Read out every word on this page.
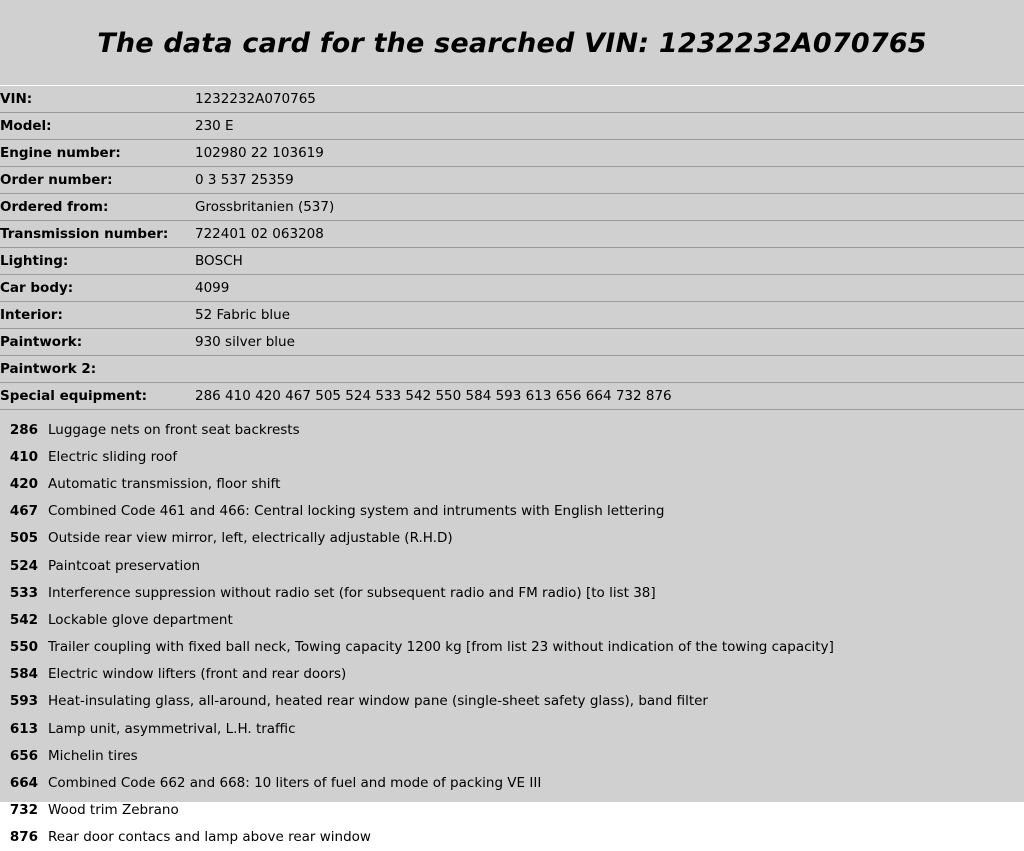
The data card for the searched VIN: 1232232A070765
VIN:	1232232A070765
Model:	230 E
Engine number:	102980 22 103619
Order number:	0 3 537 25359
Ordered from:	Grossbritanien (537)
Transmission number:	722401 02 063208
Lighting:	BOSCH
Car body:	4099
Interior:	52 Fabric blue
Paintwork:	930 silver blue
Paintwork 2:	
Special equipment:	286 410 420 467 505 524 533 542 550 584 593 613 656 664 732 876
286 Luggage nets on front seat backrests
410 Electric sliding roof
420 Automatic transmission, floor shift
467 Combined Code 461 and 466: Central locking system and intruments with English lettering
505 Outside rear view mirror, left, electrically adjustable (R.H.D)
524 Paintcoat preservation
533 Interference suppression without radio set (for subsequent radio and FM radio) [to list 38]
542 Lockable glove department
550 Trailer coupling with fixed ball neck, Towing capacity 1200 kg [from list 23 without indication of the towing capacity]
584 Electric window lifters (front and rear doors)
593 Heat-insulating glass, all-around, heated rear window pane (single-sheet safety glass), band filter
613 Lamp unit, asymmetrival, L.H. traffic
656 Michelin tires
664 Combined Code 662 and 668: 10 liters of fuel and mode of packing VE III
732 Wood trim Zebrano
876 Rear door contacs and lamp above rear window
